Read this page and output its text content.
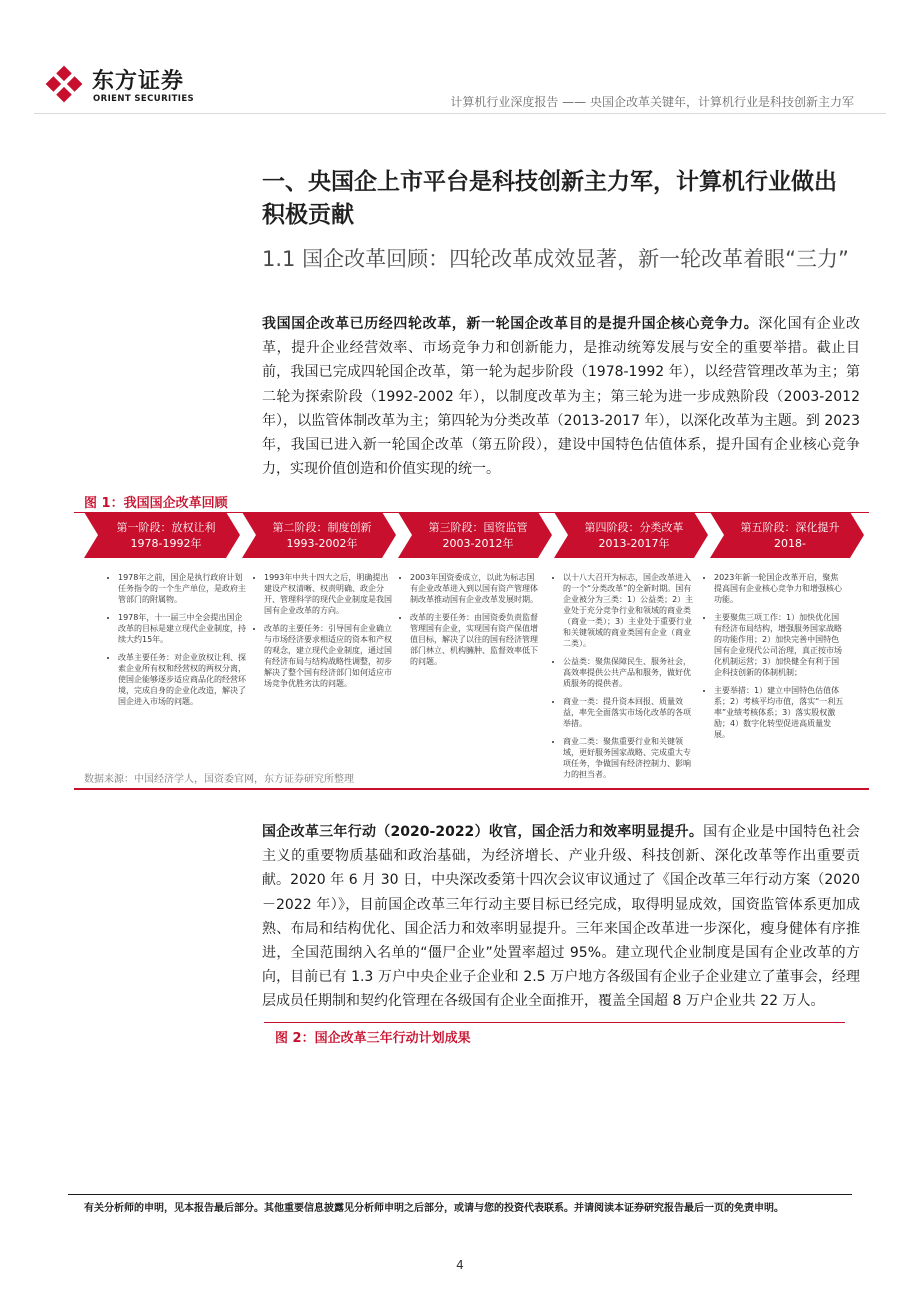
东方证券
ORIENT SECURITIES	计算机行业深度报告 —— 央国企改革关键年，计算机行业是科技创新主力军
一、央国企上市平台是科技创新主力军，计算机行业做出积极贡献
1.1 国企改革回顾：四轮改革成效显著，新一轮改革着眼“三力”
我国国企改革已历经四轮改革，新一轮国企改革目的是提升国企核心竞争力。深化国有企业改革，提升企业经营效率、市场竞争力和创新能力，是推动统筹发展与安全的重要举措。截止目前，我国已完成四轮国企改革，第一轮为起步阶段（1978-1992 年），以经营管理改革为主；第二轮为探索阶段（1992-2002 年），以制度改革为主；第三轮为进一步成熟阶段（2003-2012 年），以监管体制改革为主；第四轮为分类改革（2013-2017 年），以深化改革为主题。到 2023 年，我国已进入新一轮国企改革（第五阶段），建设中国特色估值体系，提升国有企业核心竞争力，实现价值创造和价值实现的统一。
图 1：我国国企改革回顾
第一阶段：放权让利
1978-1992年
第二阶段：制度创新
1993-2002年
第三阶段：国资监管
2003-2012年
第四阶段：分类改革
2013-2017年
第五阶段：深化提升
2018-
• 1978年之前，国企是执行政府计划任务指令的一个生产单位，是政府主管部门的附属物。
• 1978年，十一届三中全会提出国企改革的目标是建立现代企业制度，持续大约15年。
• 改革主要任务：对企业放权让利、探索企业所有权和经营权的两权分离，使国企能够逐步适应商品化的经营环境，完成自身的企业化改造，解决了国企进入市场的问题。
• 1993年中共十四大之后，明确提出建设产权清晰、权责明确、政企分开、管理科学的现代企业制度是我国国有企业改革的方向。
• 改革的主要任务：引导国有企业确立与市场经济要求相适应的资本和产权的观念，建立现代企业制度，通过国有经济布局与结构战略性调整，初步解决了整个国有经济部门如何适应市场竞争优胜劣汰的问题。
• 2003年国资委成立，以此为标志国有企业改革进入到以国有资产管理体制改革推动国有企业改革发展时期。
• 改革的主要任务：由国资委负责监督管理国有企业，实现国有资产保值增值目标，解决了以往的国有经济管理部门林立、机构臃肿、监督效率低下的问题。
• 以十八大召开为标志，国企改革进入的一个“分类改革”的全新时期。国有企业被分为三类：1）公益类；2）主业处于充分竞争行业和领域的商业类（商业一类）；3）主业处于重要行业和关键领域的商业类国有企业（商业二类）。
• 公益类：聚焦保障民生、服务社会，高效率提供公共产品和服务，做好优质服务的提供者。
• 商业一类：提升资本回报、质量效益，率先全面落实市场化改革的各项举措。
• 商业二类：聚焦重要行业和关键领域，更好服务国家战略、完成重大专项任务，争做国有经济控制力、影响力的担当者。
• 2023年新一轮国企改革开启，聚焦提高国有企业核心竞争力和增强核心功能。
• 主要聚焦三项工作：1）加快优化国有经济布局结构，增强服务国家战略的功能作用；2）加快完善中国特色国有企业现代公司治理，真正按市场化机制运营；3）加快健全有利于国企科技创新的体制机制；
• 主要举措：1）建立中国特色估值体系；2）考核平均市值，落实“一利五率”业绩考核体系；3）落实股权激励；4）数字化转型促进高质量发展。
数据来源：中国经济学人，国资委官网，东方证券研究所整理
国企改革三年行动（2020-2022）收官，国企活力和效率明显提升。国有企业是中国特色社会主义的重要物质基础和政治基础，为经济增长、产业升级、科技创新、深化改革等作出重要贡献。2020 年 6 月 30 日，中央深改委第十四次会议审议通过了《国企改革三年行动方案（2020－2022 年）》，目前国企改革三年行动主要目标已经完成，取得明显成效，国资监管体系更加成熟、布局和结构优化、国企活力和效率明显提升。三年来国企改革进一步深化，瘦身健体有序推进，全国范围纳入名单的“僵尸企业”处置率超过 95%。建立现代企业制度是国有企业改革的方向，目前已有 1.3 万户中央企业子企业和 2.5 万户地方各级国有企业子企业建立了董事会，经理层成员任期制和契约化管理在各级国有企业全面推开，覆盖全国超 8 万户企业共 22 万人。
图 2：国企改革三年行动计划成果
有关分析师的申明，见本报告最后部分。其他重要信息披露见分析师申明之后部分，或请与您的投资代表联系。并请阅读本证券研究报告最后一页的免责申明。
4
